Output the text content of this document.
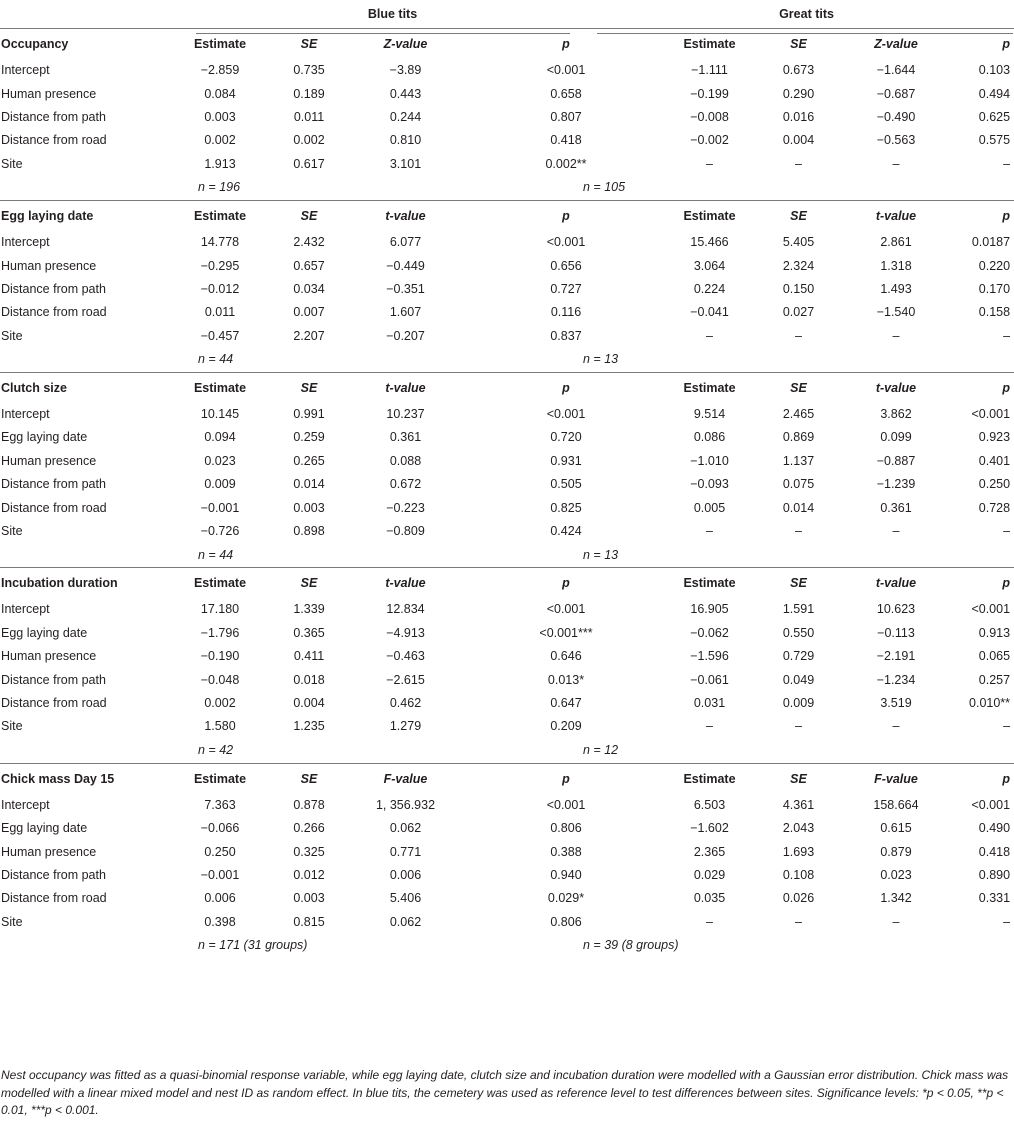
	Blue tits				Great tits				
Occupancy	Estimate	SE	Z-value	p		Estimate	SE	Z-value	p
Intercept	−2.859	0.735	−3.89	<0.001		−1.111	0.673	−1.644	0.103
Human presence	0.084	0.189	0.443	0.658		−0.199	0.290	−0.687	0.494
Distance from path	0.003	0.011	0.244	0.807		−0.008	0.016	−0.490	0.625
Distance from road	0.002	0.002	0.810	0.418		−0.002	0.004	−0.563	0.575
Site	1.913	0.617	3.101	0.002**		–	–	–	–
	n = 196				n = 105				
Egg laying date	Estimate	SE	t-value	p		Estimate	SE	t-value	p
Intercept	14.778	2.432	6.077	<0.001		15.466	5.405	2.861	0.0187
Human presence	−0.295	0.657	−0.449	0.656		3.064	2.324	1.318	0.220
Distance from path	−0.012	0.034	−0.351	0.727		0.224	0.150	1.493	0.170
Distance from road	0.011	0.007	1.607	0.116		−0.041	0.027	−1.540	0.158
Site	−0.457	2.207	−0.207	0.837		–	–	–	–
	n = 44				n = 13				
Clutch size	Estimate	SE	t-value	p		Estimate	SE	t-value	p
Intercept	10.145	0.991	10.237	<0.001		9.514	2.465	3.862	<0.001
Egg laying date	0.094	0.259	0.361	0.720		0.086	0.869	0.099	0.923
Human presence	0.023	0.265	0.088	0.931		−1.010	1.137	−0.887	0.401
Distance from path	0.009	0.014	0.672	0.505		−0.093	0.075	−1.239	0.250
Distance from road	−0.001	0.003	−0.223	0.825		0.005	0.014	0.361	0.728
Site	−0.726	0.898	−0.809	0.424		–	–	–	–
	n = 44				n = 13				
Incubation duration	Estimate	SE	t-value	p		Estimate	SE	t-value	p
Intercept	17.180	1.339	12.834	<0.001		16.905	1.591	10.623	<0.001
Egg laying date	−1.796	0.365	−4.913	<0.001***		−0.062	0.550	−0.113	0.913
Human presence	−0.190	0.411	−0.463	0.646		−1.596	0.729	−2.191	0.065
Distance from path	−0.048	0.018	−2.615	0.013*		−0.061	0.049	−1.234	0.257
Distance from road	0.002	0.004	0.462	0.647		0.031	0.009	3.519	0.010**
Site	1.580	1.235	1.279	0.209		–	–	–	–
	n = 42				n = 12				
Chick mass Day 15	Estimate	SE	F-value	p		Estimate	SE	F-value	p
Intercept	7.363	0.878	1, 356.932	<0.001		6.503	4.361	158.664	<0.001
Egg laying date	−0.066	0.266	0.062	0.806		−1.602	2.043	0.615	0.490
Human presence	0.250	0.325	0.771	0.388		2.365	1.693	0.879	0.418
Distance from path	−0.001	0.012	0.006	0.940		0.029	0.108	0.023	0.890
Distance from road	0.006	0.003	5.406	0.029*		0.035	0.026	1.342	0.331
Site	0.398	0.815	0.062	0.806		–	–	–	–
	n = 171 (31 groups)				n = 39 (8 groups)				
Nest occupancy was fitted as a quasi-binomial response variable, while egg laying date, clutch size and incubation duration were modelled with a Gaussian error distribution. Chick mass was modelled with a linear mixed model and nest ID as random effect. In blue tits, the cemetery was used as reference level to test differences between sites. Significance levels: *p < 0.05, **p < 0.01, ***p < 0.001.
